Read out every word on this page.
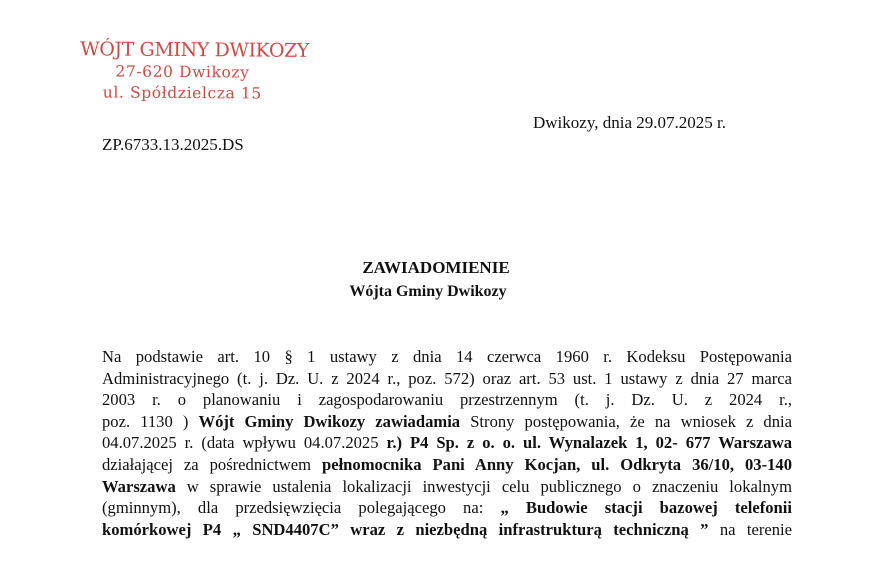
WÓJT GMINY DWIKOZY
27-620 Dwikozy
ul. Spółdzielcza 15
Dwikozy, dnia 29.07.2025 r.
ZP.6733.13.2025.DS
ZAWIADOMIENIE
Wójta Gminy Dwikozy
Na podstawie art. 10 § 1 ustawy z dnia 14 czerwca 1960 r. Kodeksu Postępowania
Administracyjnego (t. j. Dz. U. z 2024 r., poz. 572) oraz art. 53 ust. 1 ustawy z dnia 27 marca
2003 r. o planowaniu i zagospodarowaniu przestrzennym (t. j. Dz. U. z 2024 r.,
poz. 1130 ) Wójt Gminy Dwikozy zawiadamia Strony postępowania, że na wniosek z dnia
04.07.2025 r. (data wpływu 04.07.2025 r.) P4 Sp. z o. o. ul. Wynalazek 1, 02- 677 Warszawa
działającej za pośrednictwem pełnomocnika Pani Anny Kocjan, ul. Odkryta 36/10, 03-140
Warszawa w sprawie ustalenia lokalizacji inwestycji celu publicznego o znaczeniu lokalnym
(gminnym), dla przedsięwzięcia polegającego na: „ Budowie stacji bazowej telefonii
komórkowej P4 „ SND4407C” wraz z niezbędną infrastrukturą techniczną ” na terenie
